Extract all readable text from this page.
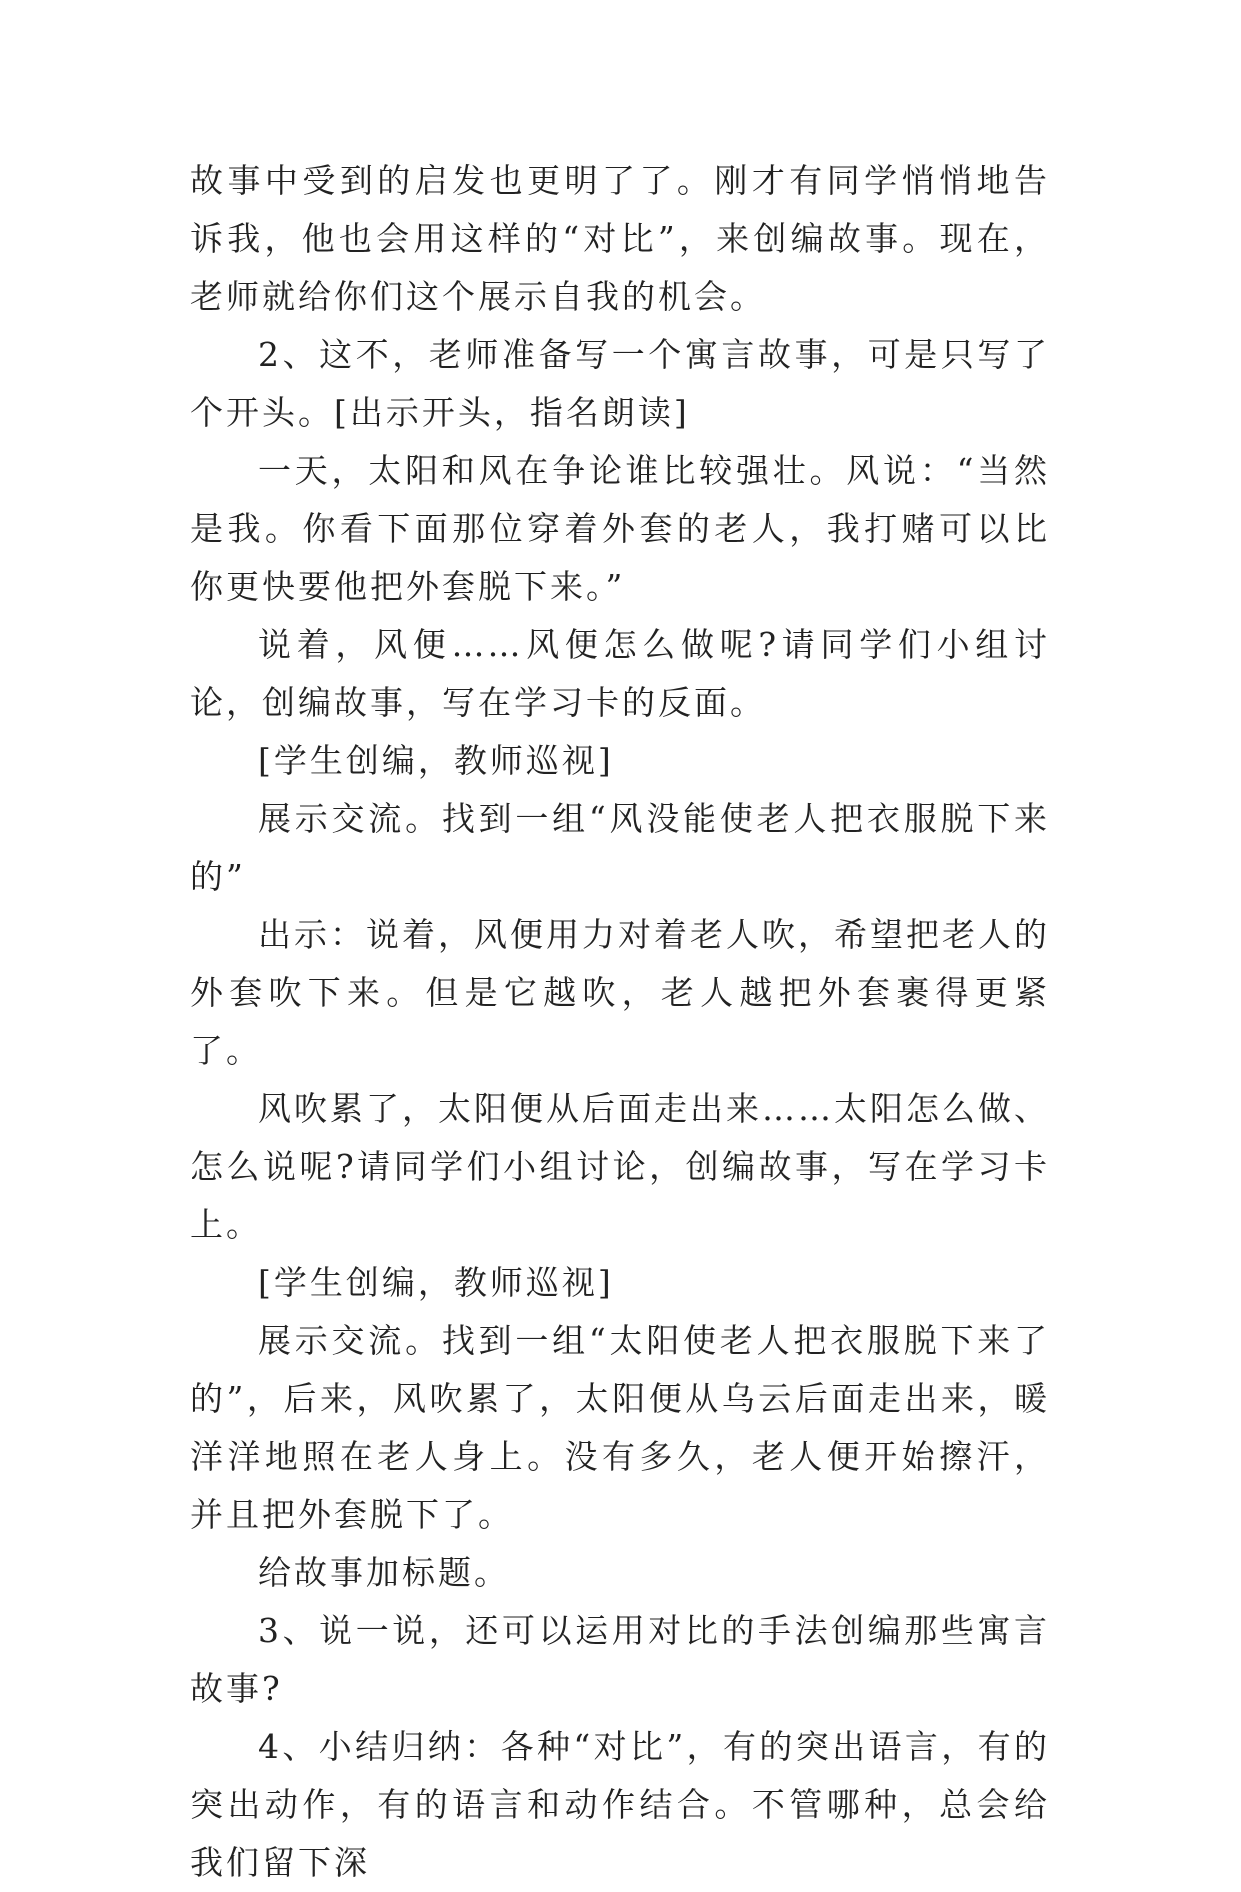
故事中受到的启发也更明了了。刚才有同学悄悄地告诉我，他也会用这样的“对比”，来创编故事。现在，老师就给你们这个展示自我的机会。

2、这不，老师准备写一个寓言故事，可是只写了个开头。[出示开头，指名朗读]

一天，太阳和风在争论谁比较强壮。风说：“当然是我。你看下面那位穿着外套的老人，我打赌可以比你更快要他把外套脱下来。”

说着，风便……风便怎么做呢?请同学们小组讨论，创编故事，写在学习卡的反面。

[学生创编，教师巡视]

展示交流。找到一组“风没能使老人把衣服脱下来的”

出示：说着，风便用力对着老人吹，希望把老人的外套吹下来。但是它越吹，老人越把外套裹得更紧了。

风吹累了，太阳便从后面走出来……太阳怎么做、怎么说呢?请同学们小组讨论，创编故事，写在学习卡上。

[学生创编，教师巡视]

展示交流。找到一组“太阳使老人把衣服脱下来了的”，后来，风吹累了，太阳便从乌云后面走出来，暖洋洋地照在老人身上。没有多久，老人便开始擦汗，并且把外套脱下了。

给故事加标题。

3、说一说，还可以运用对比的手法创编那些寓言故事?

4、小结归纳：各种“对比”，有的突出语言，有的突出动作，有的语言和动作结合。不管哪种，总会给我们留下深
